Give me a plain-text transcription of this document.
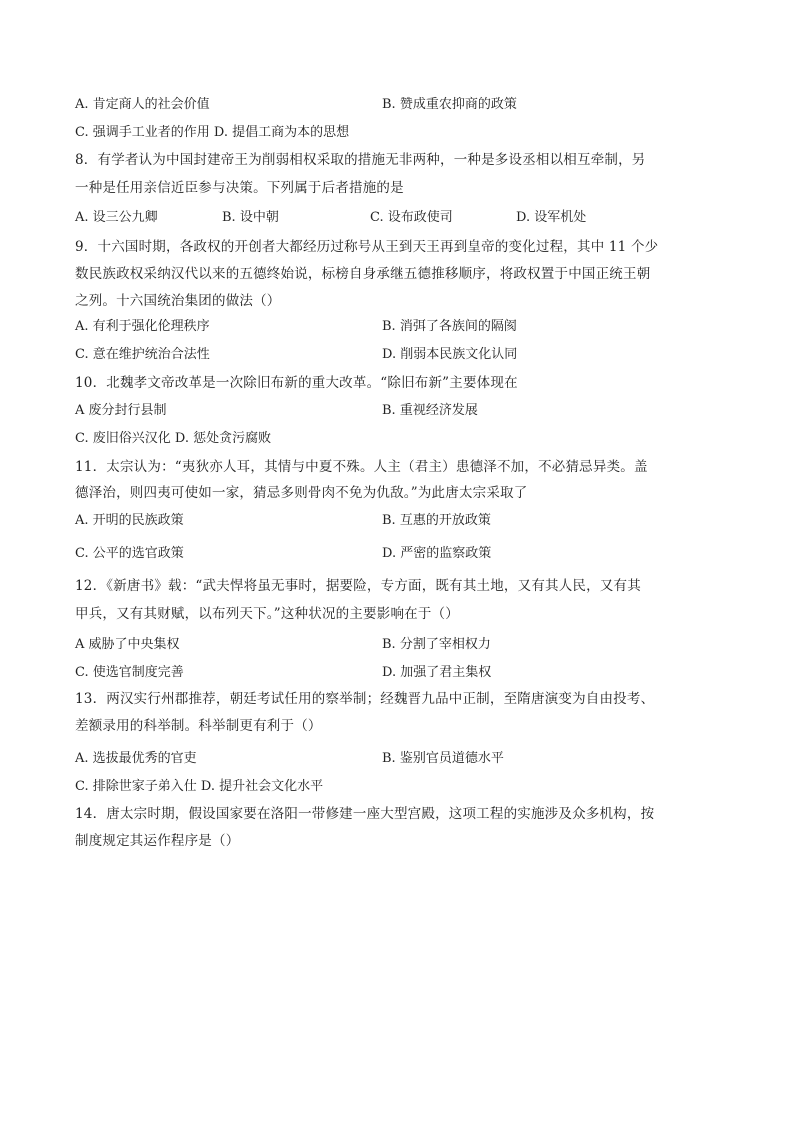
A. 肯定商人的社会价值	B. 赞成重农抑商的政策
C. 强调手工业者的作用 D. 提倡工商为本的思想
8．有学者认为中国封建帝王为削弱相权采取的措施无非两种，一种是多设丞相以相互牵制，另
一种是任用亲信近臣参与决策。下列属于后者措施的是
A. 设三公九卿	B. 设中朝	C. 设布政使司	D. 设军机处
9．十六国时期，各政权的开创者大都经历过称号从王到天王再到皇帝的变化过程，其中 11 个少
数民族政权采纳汉代以来的五德终始说，标榜自身承继五德推移顺序，将政权置于中国正统王朝
之列。十六国统治集团的做法（）
A. 有利于强化伦理秩序	B. 消弭了各族间的隔阂
C. 意在维护统治合法性	D. 削弱本民族文化认同
10．北魏孝文帝改革是一次除旧布新的重大改革。“除旧布新”主要体现在
A 废分封行县制	B. 重视经济发展
C. 废旧俗兴汉化 D. 惩处贪污腐败
11．太宗认为：“夷狄亦人耳，其情与中夏不殊。人主（君主）患德泽不加，不必猜忌异类。盖
德泽治，则四夷可使如一家，猜忌多则骨肉不免为仇敌。”为此唐太宗采取了
A. 开明的民族政策	B. 互惠的开放政策
C. 公平的选官政策	D. 严密的监察政策
12．《新唐书》载：“武夫悍将虽无事时，据要险，专方面，既有其土地，又有其人民，又有其
甲兵，又有其财赋，以布列天下。”这种状况的主要影响在于（）
A 威胁了中央集权	B. 分割了宰相权力
C. 使选官制度完善	D. 加强了君主集权
13．两汉实行州郡推荐，朝廷考试任用的察举制；经魏晋九品中正制，至隋唐演变为自由投考、
差额录用的科举制。科举制更有利于（）
A. 选拔最优秀的官吏	B. 鉴别官员道德水平
C. 排除世家子弟入仕 D. 提升社会文化水平
14．唐太宗时期，假设国家要在洛阳一带修建一座大型宫殿，这项工程的实施涉及众多机构，按
制度规定其运作程序是（）
